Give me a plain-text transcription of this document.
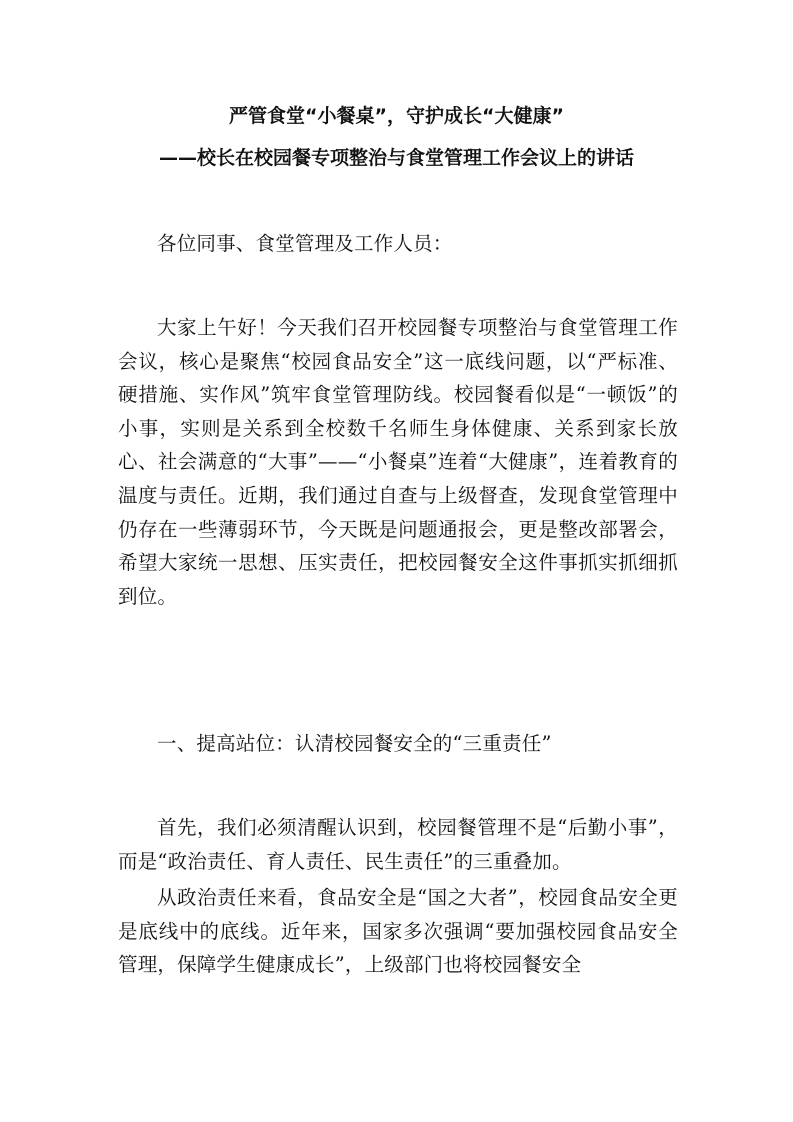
严管食堂“小餐桌”，守护成长“大健康”
——校长在校园餐专项整治与食堂管理工作会议上的讲话

各位同事、食堂管理及工作人员：

大家上午好！今天我们召开校园餐专项整治与食堂管理工作会议，核心是聚焦“校园食品安全”这一底线问题，以“严标准、硬措施、实作风”筑牢食堂管理防线。校园餐看似是“一顿饭”的小事，实则是关系到全校数千名师生身体健康、关系到家长放心、社会满意的“大事”——“小餐桌”连着“大健康”，连着教育的温度与责任。近期，我们通过自查与上级督查，发现食堂管理中仍存在一些薄弱环节，今天既是问题通报会，更是整改部署会，希望大家统一思想、压实责任，把校园餐安全这件事抓实抓细抓到位。

一、提高站位：认清校园餐安全的“三重责任”

首先，我们必须清醒认识到，校园餐管理不是“后勤小事”，而是“政治责任、育人责任、民生责任”的三重叠加。

从政治责任来看，食品安全是“国之大者”，校园食品安全更是底线中的底线。近年来，国家多次强调“要加强校园食品安全管理，保障学生健康成长”，上级部门也将校园餐安全
